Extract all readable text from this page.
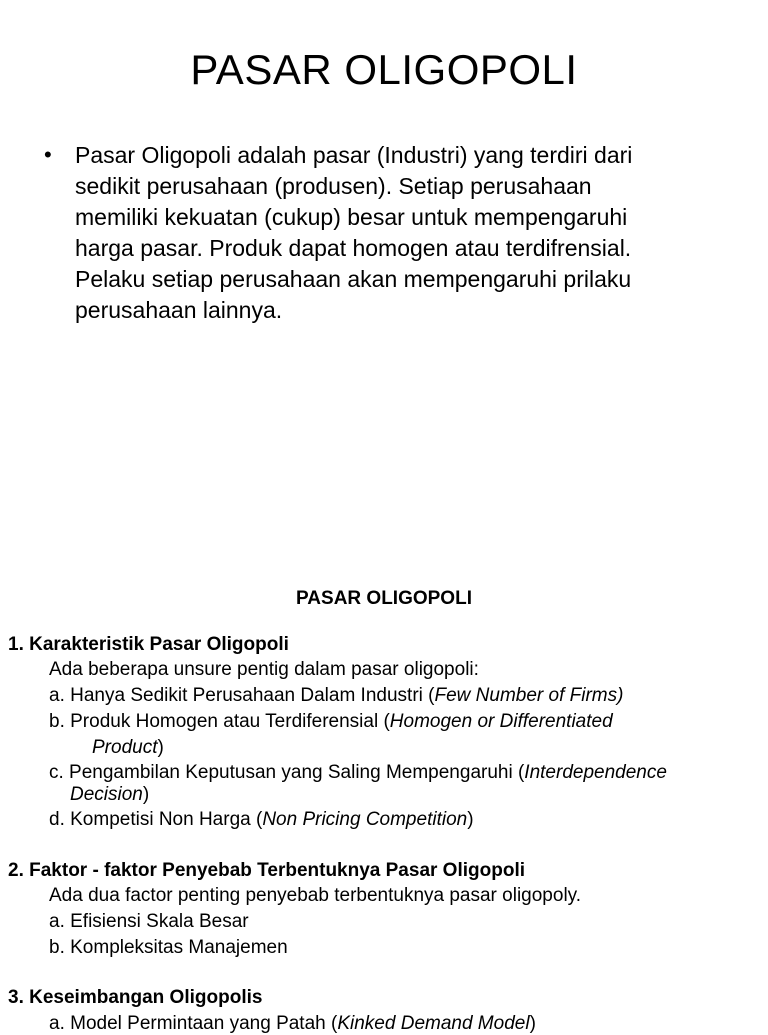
PASAR OLIGOPOLI
• Pasar Oligopoli adalah pasar (Industri) yang terdiri dari

sedikit perusahaan (produsen). Setiap perusahaan

memiliki kekuatan (cukup) besar untuk mempengaruhi

harga pasar. Produk dapat homogen atau terdifrensial.

Pelaku setiap perusahaan akan mempengaruhi prilaku

perusahaan lainnya.

PASAR OLIGOPOLI

1. Karakteristik Pasar Oligopoli

Ada beberapa unsure pentig dalam pasar oligopoli:

a. Hanya Sedikit Perusahaan Dalam Industri (Few Number of Firms)

b. Produk Homogen atau Terdiferensial (Homogen or Differentiated

Product)

c. Pengambilan Keputusan yang Saling Mempengaruhi (Interdependence

Decision)

d. Kompetisi Non Harga (Non Pricing Competition)

2. Faktor - faktor Penyebab Terbentuknya Pasar Oligopoli

Ada dua factor penting penyebab terbentuknya pasar oligopoly.

a. Efisiensi Skala Besar

b. Kompleksitas Manajemen

3. Keseimbangan Oligopolis

a. Model Permintaan yang Patah (Kinked Demand Model)
